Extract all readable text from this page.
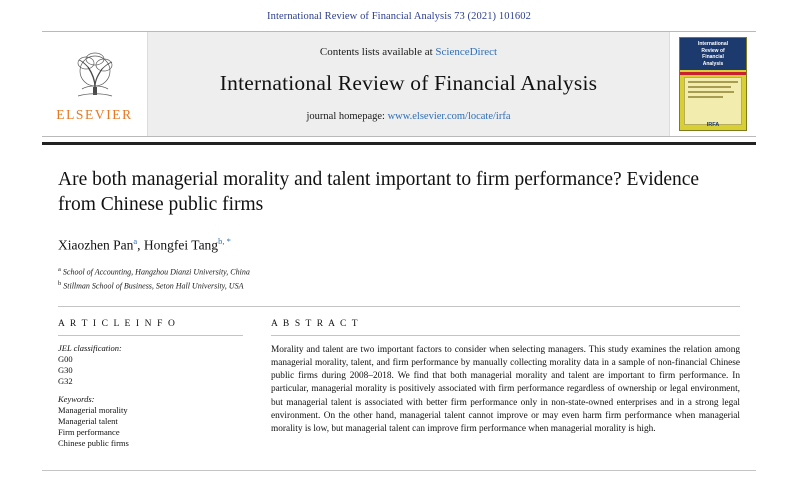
International Review of Financial Analysis 73 (2021) 101602
ELSEVIER
Contents lists available at ScienceDirect
International Review of Financial Analysis
journal homepage: www.elsevier.com/locate/irfa
International
Review of
Financial
Analysis
IRFA
Are both managerial morality and talent important to firm performance? Evidence from Chinese public firms
Xiaozhen Pan$^a$, Hongfei Tang$^{b, *}$
$^a$ School of Accounting, Hangzhou Dianzi University, China
$^b$ Stillman School of Business, Seton Hall University, USA
A R T I C L E I N F O
JEL classification:
G00
G30
G32
Keywords:
Managerial morality
Managerial talent
Firm performance
Chinese public firms
A B S T R A C T
Morality and talent are two important factors to consider when selecting managers. This study examines the relation among managerial morality, talent, and firm performance by manually collecting morality data in a sample of non-financial Chinese public firms during 2008–2018. We find that both managerial morality and talent are important to firm performance. In particular, managerial morality is positively associated with firm performance regardless of ownership or legal environment, but managerial talent is associated with better firm performance only in non-state-owned enterprises and in a strong legal environment. On the other hand, managerial talent cannot improve or may even harm firm performance when managerial morality is low, but managerial talent can improve firm performance when managerial morality is high.
